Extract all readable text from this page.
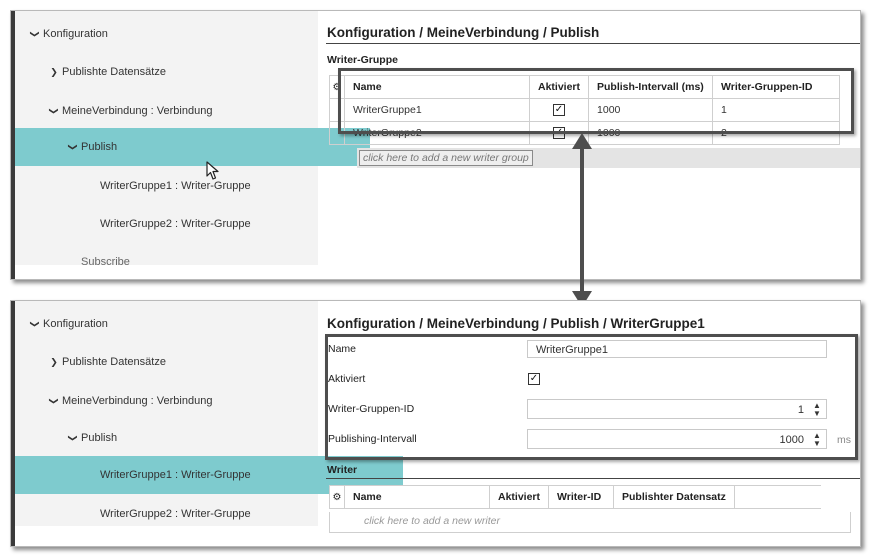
❯ Konfiguration
❯ Publishte Datensätze
❯ MeineVerbindung : Verbindung
❯ Publish
WriterGruppe1 : Writer-Gruppe
WriterGruppe2 : Writer-Gruppe
Subscribe
Konfiguration / MeineVerbindung / Publish
Writer-Gruppe
⚙	Name	Aktiviert	Publish-Intervall (ms)	Writer-Gruppen-ID
	WriterGruppe1	✓	1000	1
	WriterGruppe2	✓	1000	2
click here to add a new writer group
❯ Konfiguration
❯ Publishte Datensätze
❯ MeineVerbindung : Verbindung
❯ Publish
WriterGruppe1 : Writer-Gruppe
WriterGruppe2 : Writer-Gruppe
Konfiguration / MeineVerbindung / Publish / WriterGruppe1
Name	WriterGruppe1
Aktiviert	✓
Writer-Gruppen-ID	1 ▲
▼
Publishing-Intervall	1000 ▲
▼ ms
Writer
⚙	Name	Aktiviert	Writer-ID	Publishter Datensatz	
click here to add a new writer
